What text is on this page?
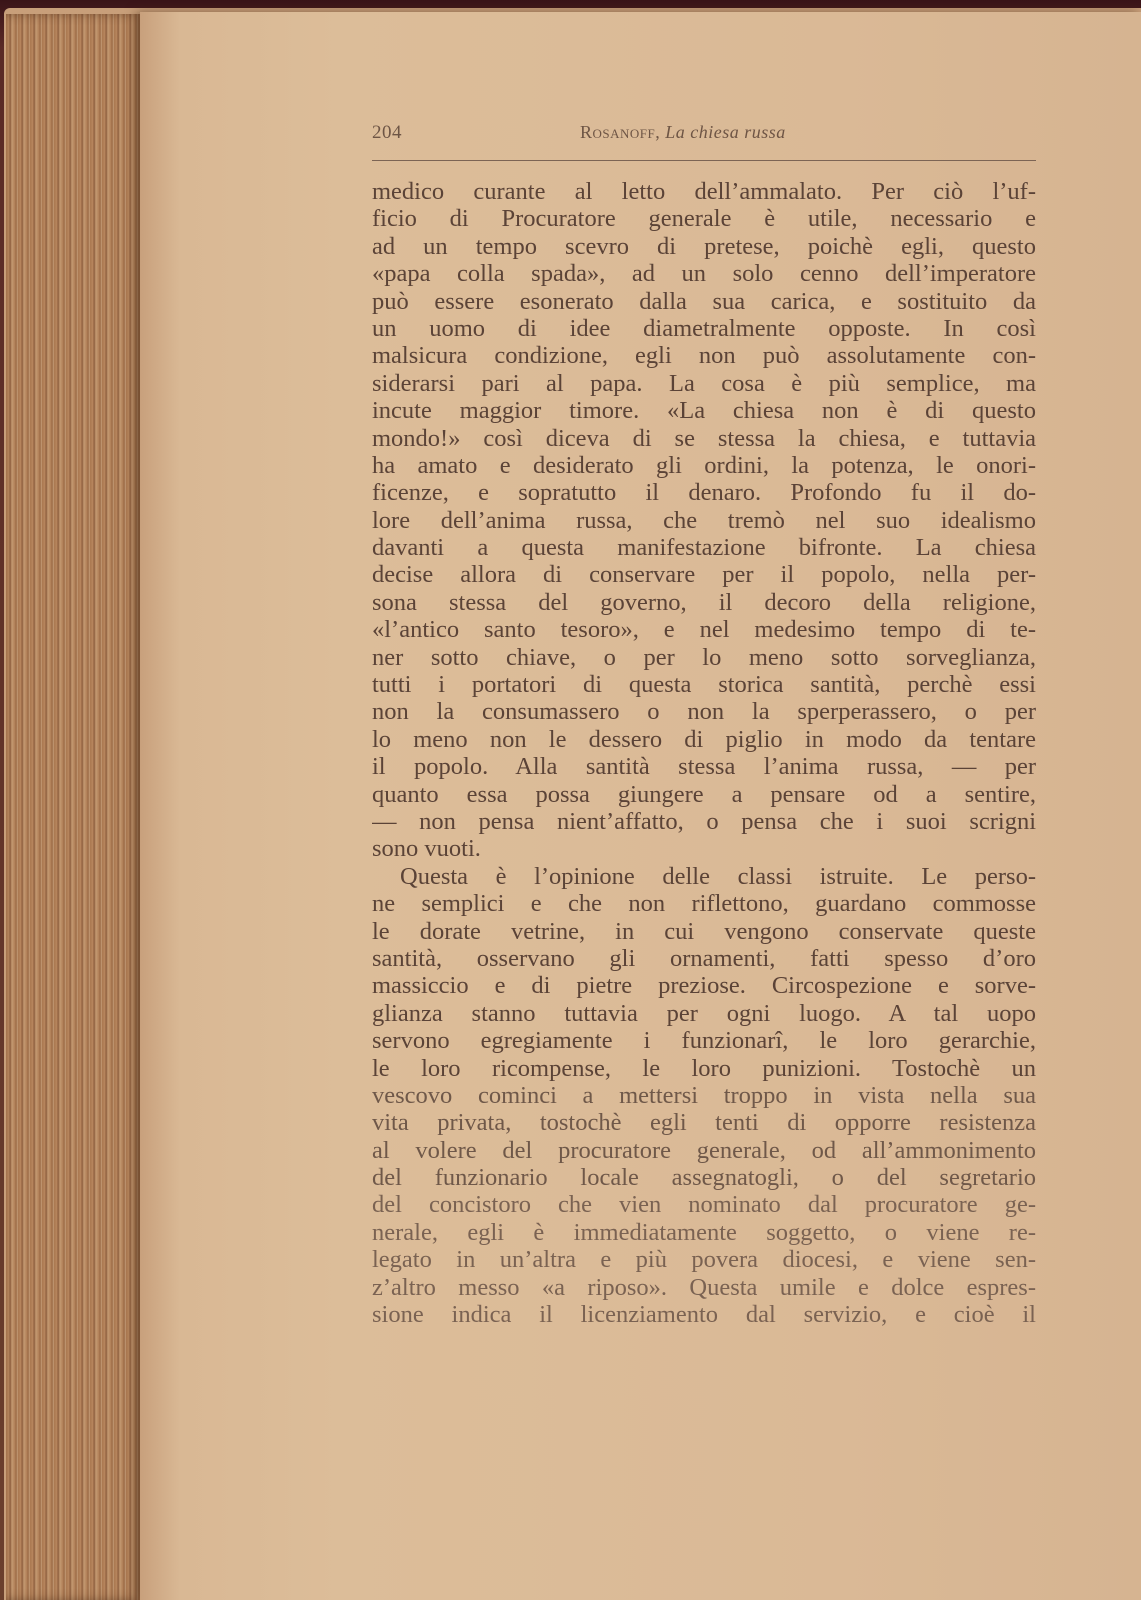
204	Rosanoff, La chiesa russa
medico curante al letto dell’ammalato. Per ciò l’uf-
ficio di Procuratore generale è utile, necessario e
ad un tempo scevro di pretese, poichè egli, questo
«papa colla spada», ad un solo cenno dell’imperatore
può essere esonerato dalla sua carica, e sostituito da
un uomo di idee diametralmente opposte. In così
malsicura condizione, egli non può assolutamente con-
siderarsi pari al papa. La cosa è più semplice, ma
incute maggior timore. «La chiesa non è di questo
mondo!» così diceva di se stessa la chiesa, e tuttavia
ha amato e desiderato gli ordini, la potenza, le onori-
ficenze, e sopratutto il denaro. Profondo fu il do-
lore dell’anima russa, che tremò nel suo idealismo
davanti a questa manifestazione bifronte. La chiesa
decise allora di conservare per il popolo, nella per-
sona stessa del governo, il decoro della religione,
«l’antico santo tesoro», e nel medesimo tempo di te-
ner sotto chiave, o per lo meno sotto sorveglianza,
tutti i portatori di questa storica santità, perchè essi
non la consumassero o non la sperperassero, o per
lo meno non le dessero di piglio in modo da tentare
il popolo. Alla santità stessa l’anima russa, — per
quanto essa possa giungere a pensare od a sentire,
— non pensa nient’affatto, o pensa che i suoi scrigni
sono vuoti.
Questa è l’opinione delle classi istruite. Le perso-
ne semplici e che non riflettono, guardano commosse
le dorate vetrine, in cui vengono conservate queste
santità, osservano gli ornamenti, fatti spesso d’oro
massiccio e di pietre preziose. Circospezione e sorve-
glianza stanno tuttavia per ogni luogo. A tal uopo
servono egregiamente i funzionarî, le loro gerarchie,
le loro ricompense, le loro punizioni. Tostochè un
vescovo cominci a mettersi troppo in vista nella sua
vita privata, tostochè egli tenti di opporre resistenza
al volere del procuratore generale, od all’ammonimento
del funzionario locale assegnatogli, o del segretario
del concistoro che vien nominato dal procuratore ge-
nerale, egli è immediatamente soggetto, o viene re-
legato in un’altra e più povera diocesi, e viene sen-
z’altro messo «a riposo». Questa umile e dolce espres-
sione indica il licenziamento dal servizio, e cioè il
